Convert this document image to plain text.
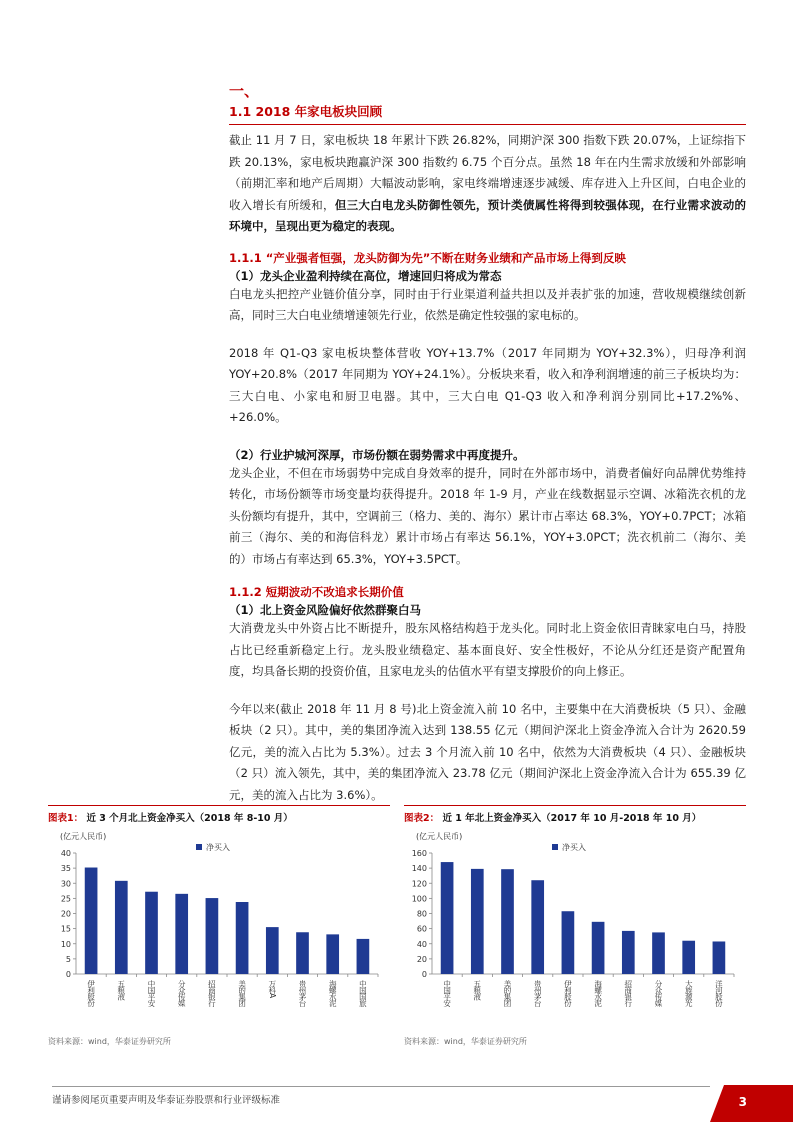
一、
1.1 2018 年家电板块回顾

截止 11 月 7 日，家电板块 18 年累计下跌 26.82%，同期沪深 300 指数下跌 20.07%，上证综指下跌 20.13%，家电板块跑赢沪深 300 指数约 6.75 个百分点。虽然 18 年在内生需求放缓和外部影响（前期汇率和地产后周期）大幅波动影响，家电终端增速逐步减缓、库存进入上升区间，白电企业的收入增长有所缓和，但三大白电龙头防御性领先，预计类债属性将得到较强体现，在行业需求波动的环境中，呈现出更为稳定的表现。

1.1.1 “产业强者恒强，龙头防御为先”不断在财务业绩和产品市场上得到反映
（1）龙头企业盈利持续在高位，增速回归将成为常态

白电龙头把控产业链价值分享，同时由于行业渠道利益共担以及并表扩张的加速，营收规模继续创新高，同时三大白电业绩增速领先行业，依然是确定性较强的家电标的。

2018 年 Q1-Q3 家电板块整体营收 YOY+13.7%（2017 年同期为 YOY+32.3%），归母净利润 YOY+20.8%（2017 年同期为 YOY+24.1%）。分板块来看，收入和净利润增速的前三子板块均为：三大白电、小家电和厨卫电器。其中，三大白电 Q1-Q3 收入和净利润分别同比+17.2%%、+26.0%。

（2）行业护城河深厚，市场份额在弱势需求中再度提升。

龙头企业，不但在市场弱势中完成自身效率的提升，同时在外部市场中，消费者偏好向品牌优势维持转化，市场份额等市场变量均获得提升。2018 年 1-9 月，产业在线数据显示空调、冰箱洗衣机的龙头份额均有提升，其中，空调前三（格力、美的、海尔）累计市占率达 68.3%，YOY+0.7PCT；冰箱前三（海尔、美的和海信科龙）累计市场占有率达 56.1%，YOY+3.0PCT；洗衣机前二（海尔、美的）市场占有率达到 65.3%，YOY+3.5PCT。

1.1.2 短期波动不改追求长期价值
（1）北上资金风险偏好依然群聚白马

大消费龙头中外资占比不断提升，股东风格结构趋于龙头化。同时北上资金依旧青睐家电白马，持股占比已经重新稳定上行。龙头股业绩稳定、基本面良好、安全性极好，不论从分红还是资产配置角度，均具备长期的投资价值，且家电龙头的估值水平有望支撑股价的向上修正。

今年以来(截止 2018 年 11 月 8 号)北上资金流入前 10 名中，主要集中在大消费板块（5 只）、金融板块（2 只）。其中，美的集团净流入达到 138.55 亿元（期间沪深北上资金净流入合计为 2620.59 亿元，美的流入占比为 5.3%）。过去 3 个月流入前 10 名中，依然为大消费板块（4 只）、金融板块（2 只）流入领先，其中，美的集团净流入 23.78 亿元（期间沪深北上资金净流入合计为 655.39 亿元，美的流入占比为 3.6%）。

图表1： 近 3 个月北上资金净买入（2018 年 8-10 月）
(亿元人民币)
净买入
0
5
10
15
20
25
30
35
40
伊利股份	五粮液	中国平安	分众传媒	招商银行	美的集团	万科A	贵州茅台	海螺水泥	中国国旅
资料来源：wind，华泰证券研究所
图表2： 近 1 年北上资金净买入（2017 年 10 月-2018 年 10 月）
(亿元人民币)
净买入
0
20
40
60
80
100
120
140
160
中国平安	五粮液	美的集团	贵州茅台	伊利股份	海螺水泥	招商银行	分众传媒	大族激光	洋河股份
资料来源：wind，华泰证券研究所
谨请参阅尾页重要声明及华泰证券股票和行业评级标准	3
